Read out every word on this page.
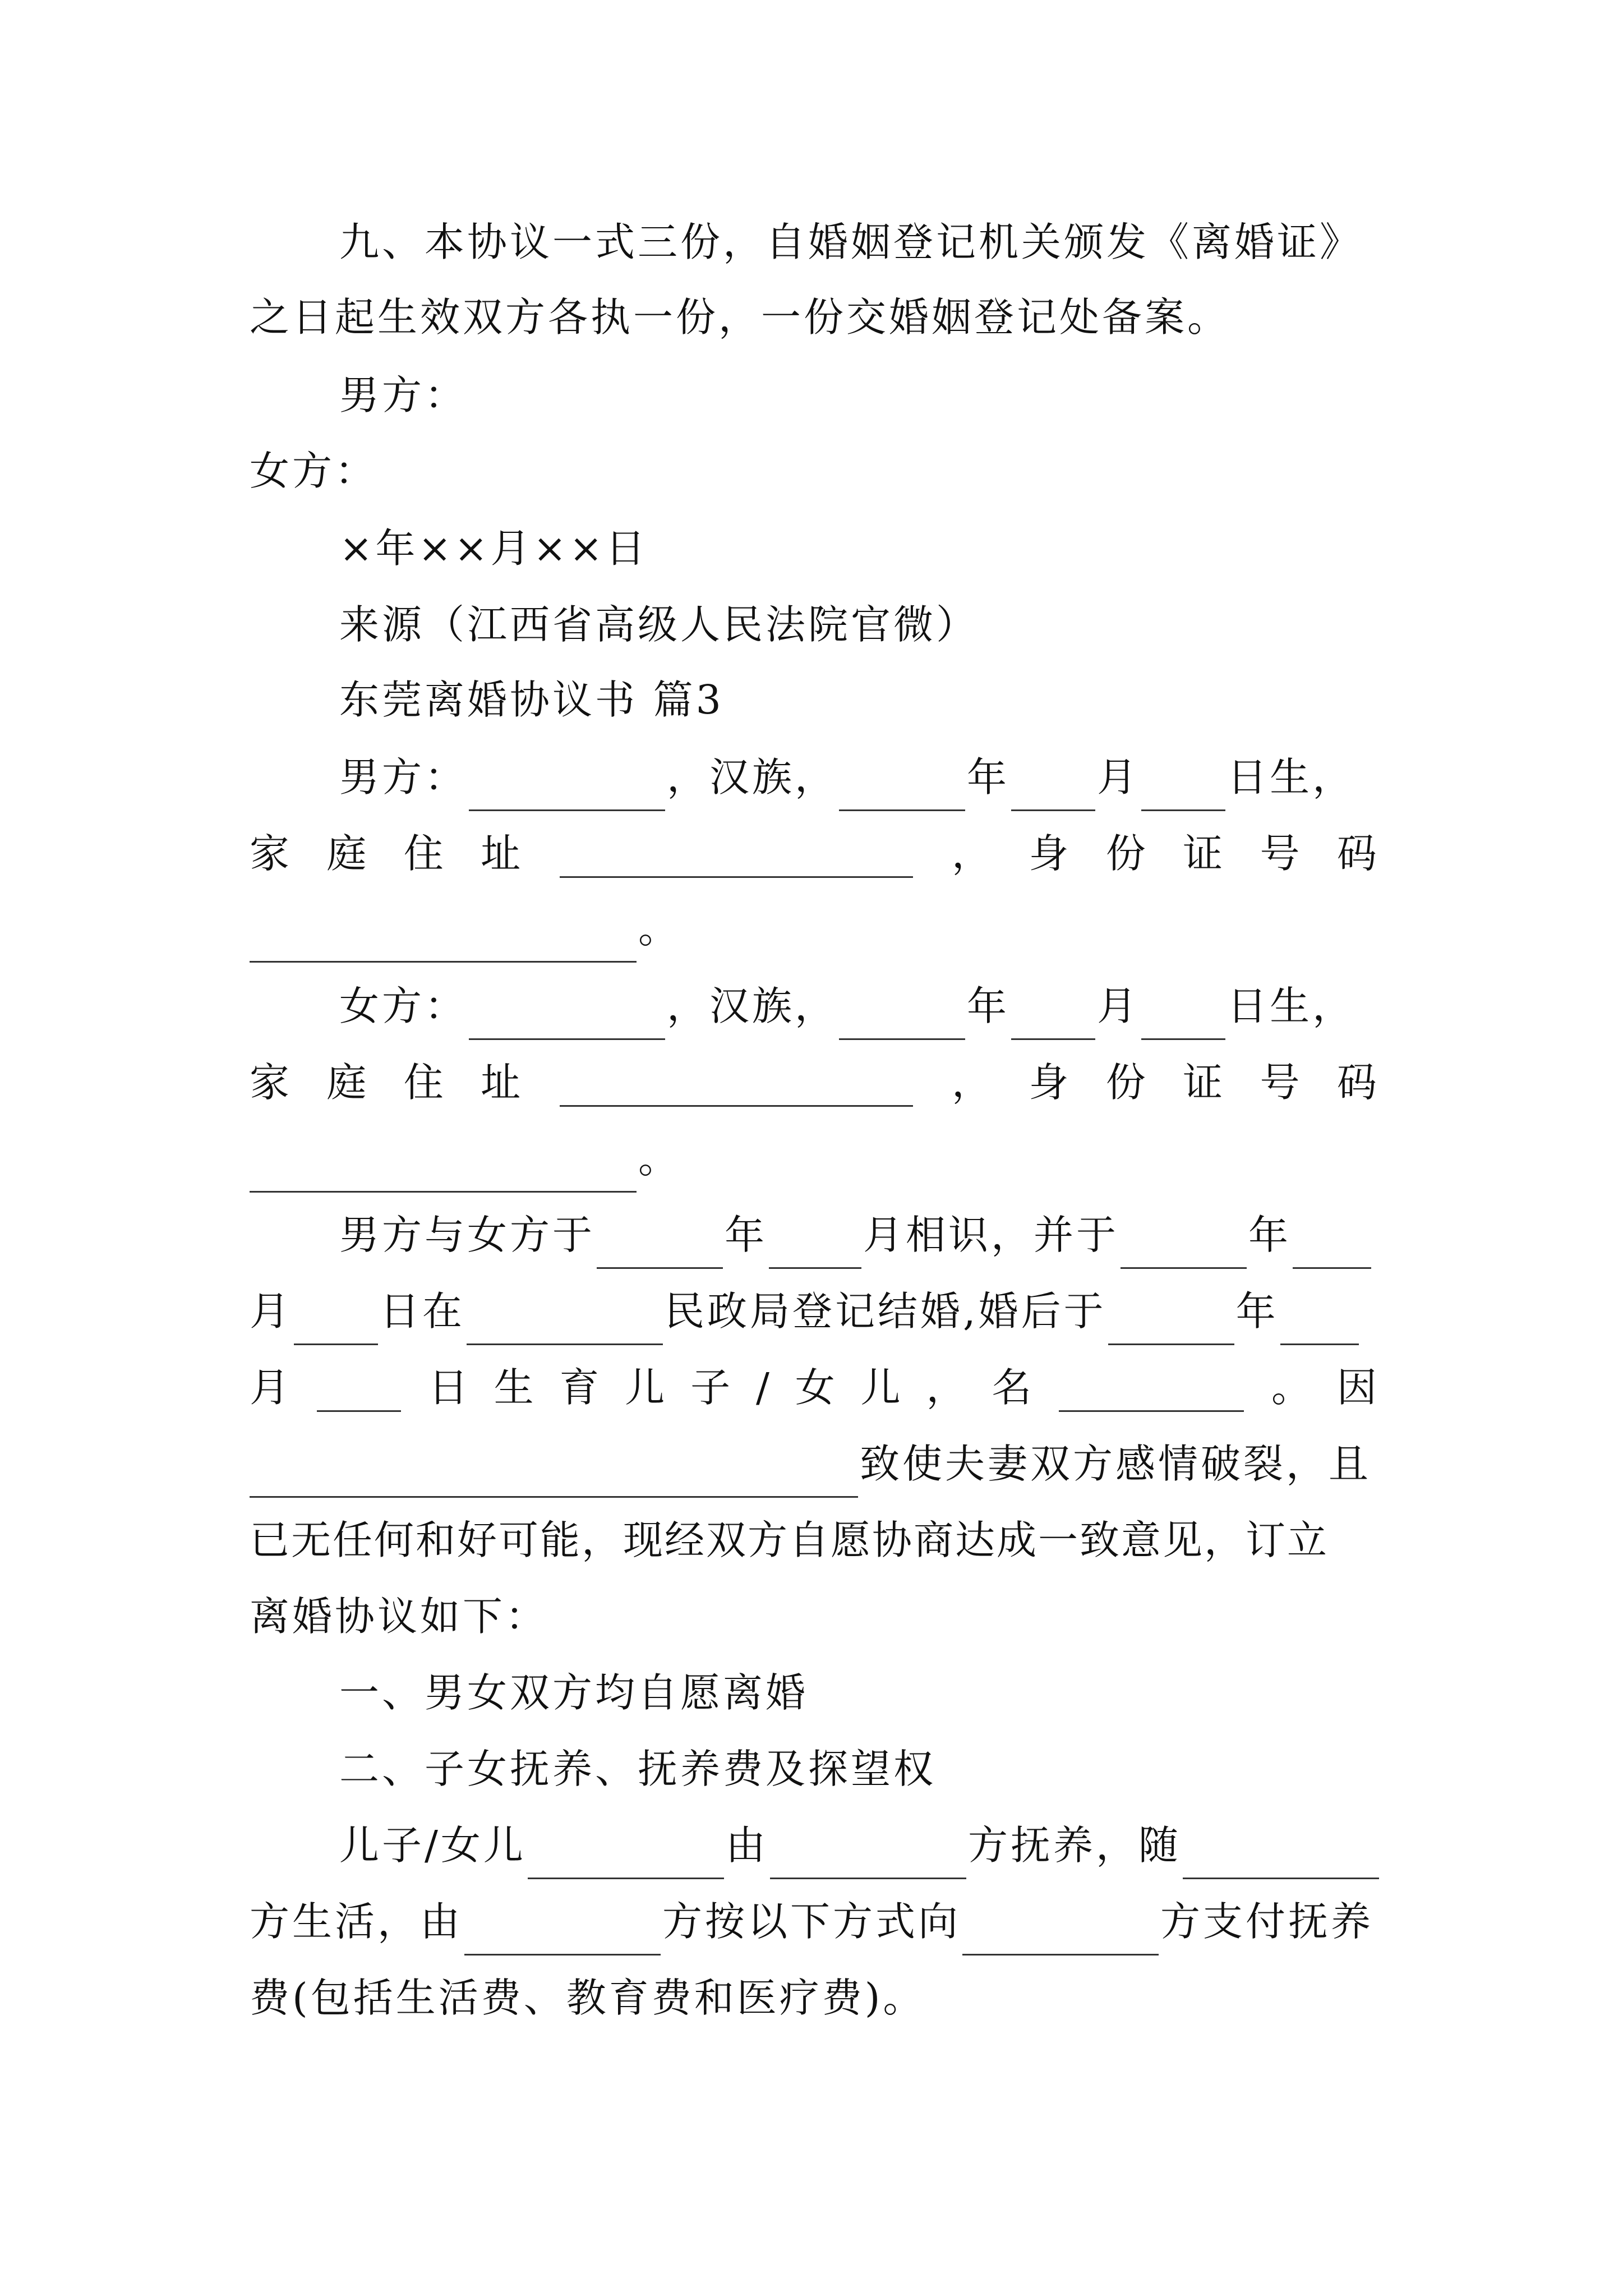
九、本协议一式三份，自婚姻登记机关颁发《离婚证》
之日起生效双方各执一份，一份交婚姻登记处备案。
男方：
女方：
×年××月××日
来源（江西省高级人民法院官微）
东莞离婚协议书 篇3
男方：	，汉族，	年 月 日生，
家 庭 住 址	， 身 份 证 号 码
。
女方：	，汉族，	年 月 日生，
家 庭 住 址	， 身 份 证 号 码
。
男方与女方于	年 月相识，并于	年
月 日在	民政局登记结婚,婚后于	年
月	日 生 育 儿 子 / 女 儿 ， 名	。 因
致使夫妻双方感情破裂，且
已无任何和好可能，现经双方自愿协商达成一致意见，订立
离婚协议如下：
一、男女双方均自愿离婚
二、子女抚养、抚养费及探望权
儿子/女儿	由	方抚养，随
方生活，由	方按以下方式向	方支付抚养
费(包括生活费、教育费和医疗费)。
